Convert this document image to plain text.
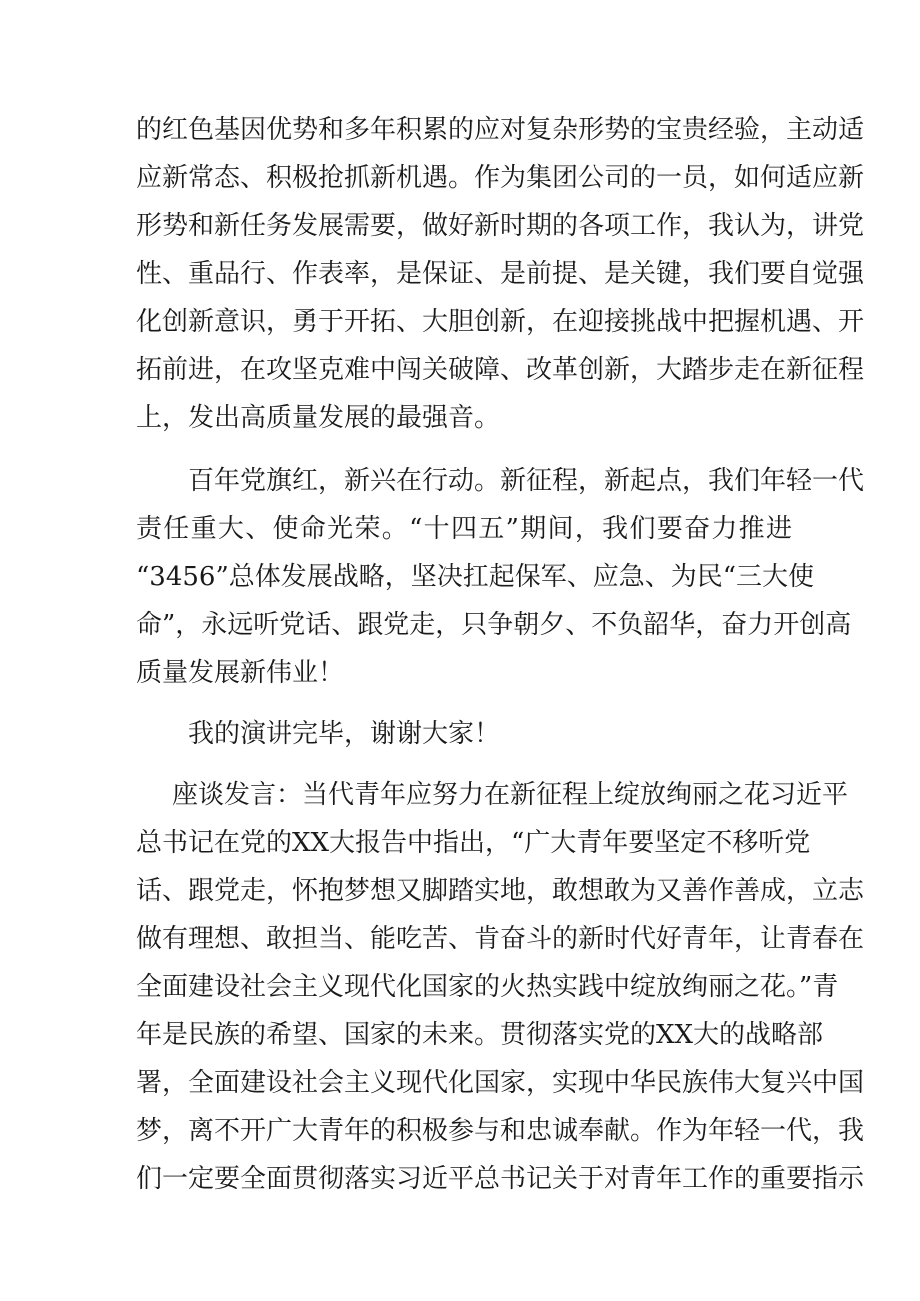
的红色基因优势和多年积累的应对复杂形势的宝贵经验，主动适
应新常态、积极抢抓新机遇。作为集团公司的一员，如何适应新
形势和新任务发展需要，做好新时期的各项工作，我认为，讲党
性、重品行、作表率，是保证、是前提、是关键，我们要自觉强
化创新意识，勇于开拓、大胆创新，在迎接挑战中把握机遇、开
拓前进，在攻坚克难中闯关破障、改革创新，大踏步走在新征程
上，发出高质量发展的最强音。
百年党旗红，新兴在行动。新征程，新起点，我们年轻一代
责任重大、使命光荣。“十四五”期间，我们要奋力推进
“3456”总体发展战略，坚决扛起保军、应急、为民“三大使
命”，永远听党话、跟党走，只争朝夕、不负韶华，奋力开创高
质量发展新伟业！
我的演讲完毕，谢谢大家！
座谈发言：当代青年应努力在新征程上绽放绚丽之花习近平
总书记在党的XX大报告中指出，“广大青年要坚定不移听党
话、跟党走，怀抱梦想又脚踏实地，敢想敢为又善作善成，立志
做有理想、敢担当、能吃苦、肯奋斗的新时代好青年，让青春在
全面建设社会主义现代化国家的火热实践中绽放绚丽之花。”青
年是民族的希望、国家的未来。贯彻落实党的XX大的战略部
署，全面建设社会主义现代化国家，实现中华民族伟大复兴中国
梦，离不开广大青年的积极参与和忠诚奉献。作为年轻一代，我
们一定要全面贯彻落实习近平总书记关于对青年工作的重要指示
